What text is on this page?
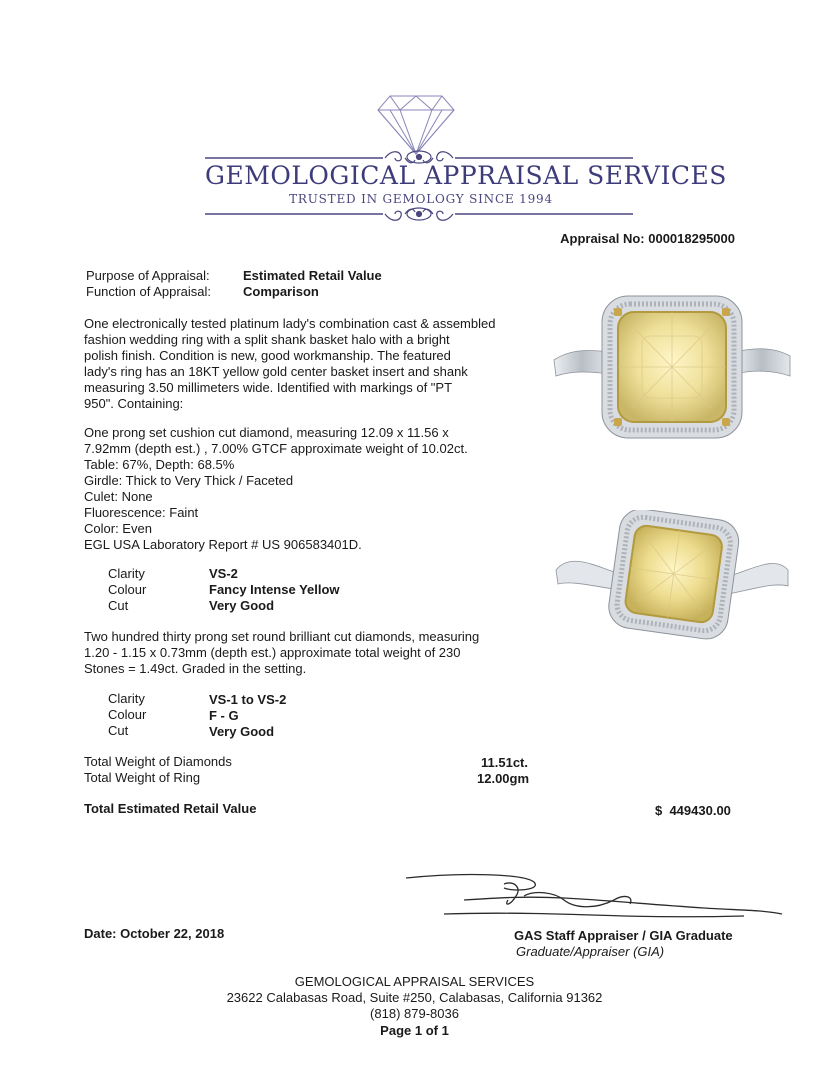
GEMOLOGICAL APPRAISAL SERVICES
TRUSTED IN GEMOLOGY SINCE 1994
Appraisal No: 000018295000
Purpose of Appraisal:	Estimated Retail Value
Function of Appraisal: Comparison
One electronically tested platinum lady's combination cast & assembled
fashion wedding ring with a split shank basket halo with a bright
polish finish. Condition is new, good workmanship. The featured
lady's ring has an 18KT yellow gold center basket insert and shank
measuring 3.50 millimeters wide. Identified with markings of "PT
950". Containing:
One prong set cushion cut diamond, measuring 12.09 x 11.56 x
7.92mm (depth est.) , 7.00% GTCF approximate weight of 10.02ct.
Table: 67%, Depth: 68.5%
Girdle: Thick to Very Thick / Faceted
Culet: None
Fluorescence: Faint
Color: Even
EGL USA Laboratory Report # US 906583401D.
Clarity	VS-2
Colour	Fancy Intense Yellow
Cut	Very Good
Two hundred thirty prong set round brilliant cut diamonds, measuring
1.20 - 1.15 x 0.73mm (depth est.) approximate total weight of 230
Stones = 1.49ct. Graded in the setting.
Clarity	VS-1 to VS-2
Colour	F - G
Cut	Very Good
Total Weight of Diamonds	11.51ct.
Total Weight of Ring	12.00gm
Total Estimated Retail Value	$  449430.00
Date: October 22, 2018	GAS Staff Appraiser / GIA Graduate
Graduate/Appraiser (GIA)
GEMOLOGICAL APPRAISAL SERVICES
23622 Calabasas Road, Suite #250, Calabasas, California 91362
(818) 879-8036
Page 1 of 1
